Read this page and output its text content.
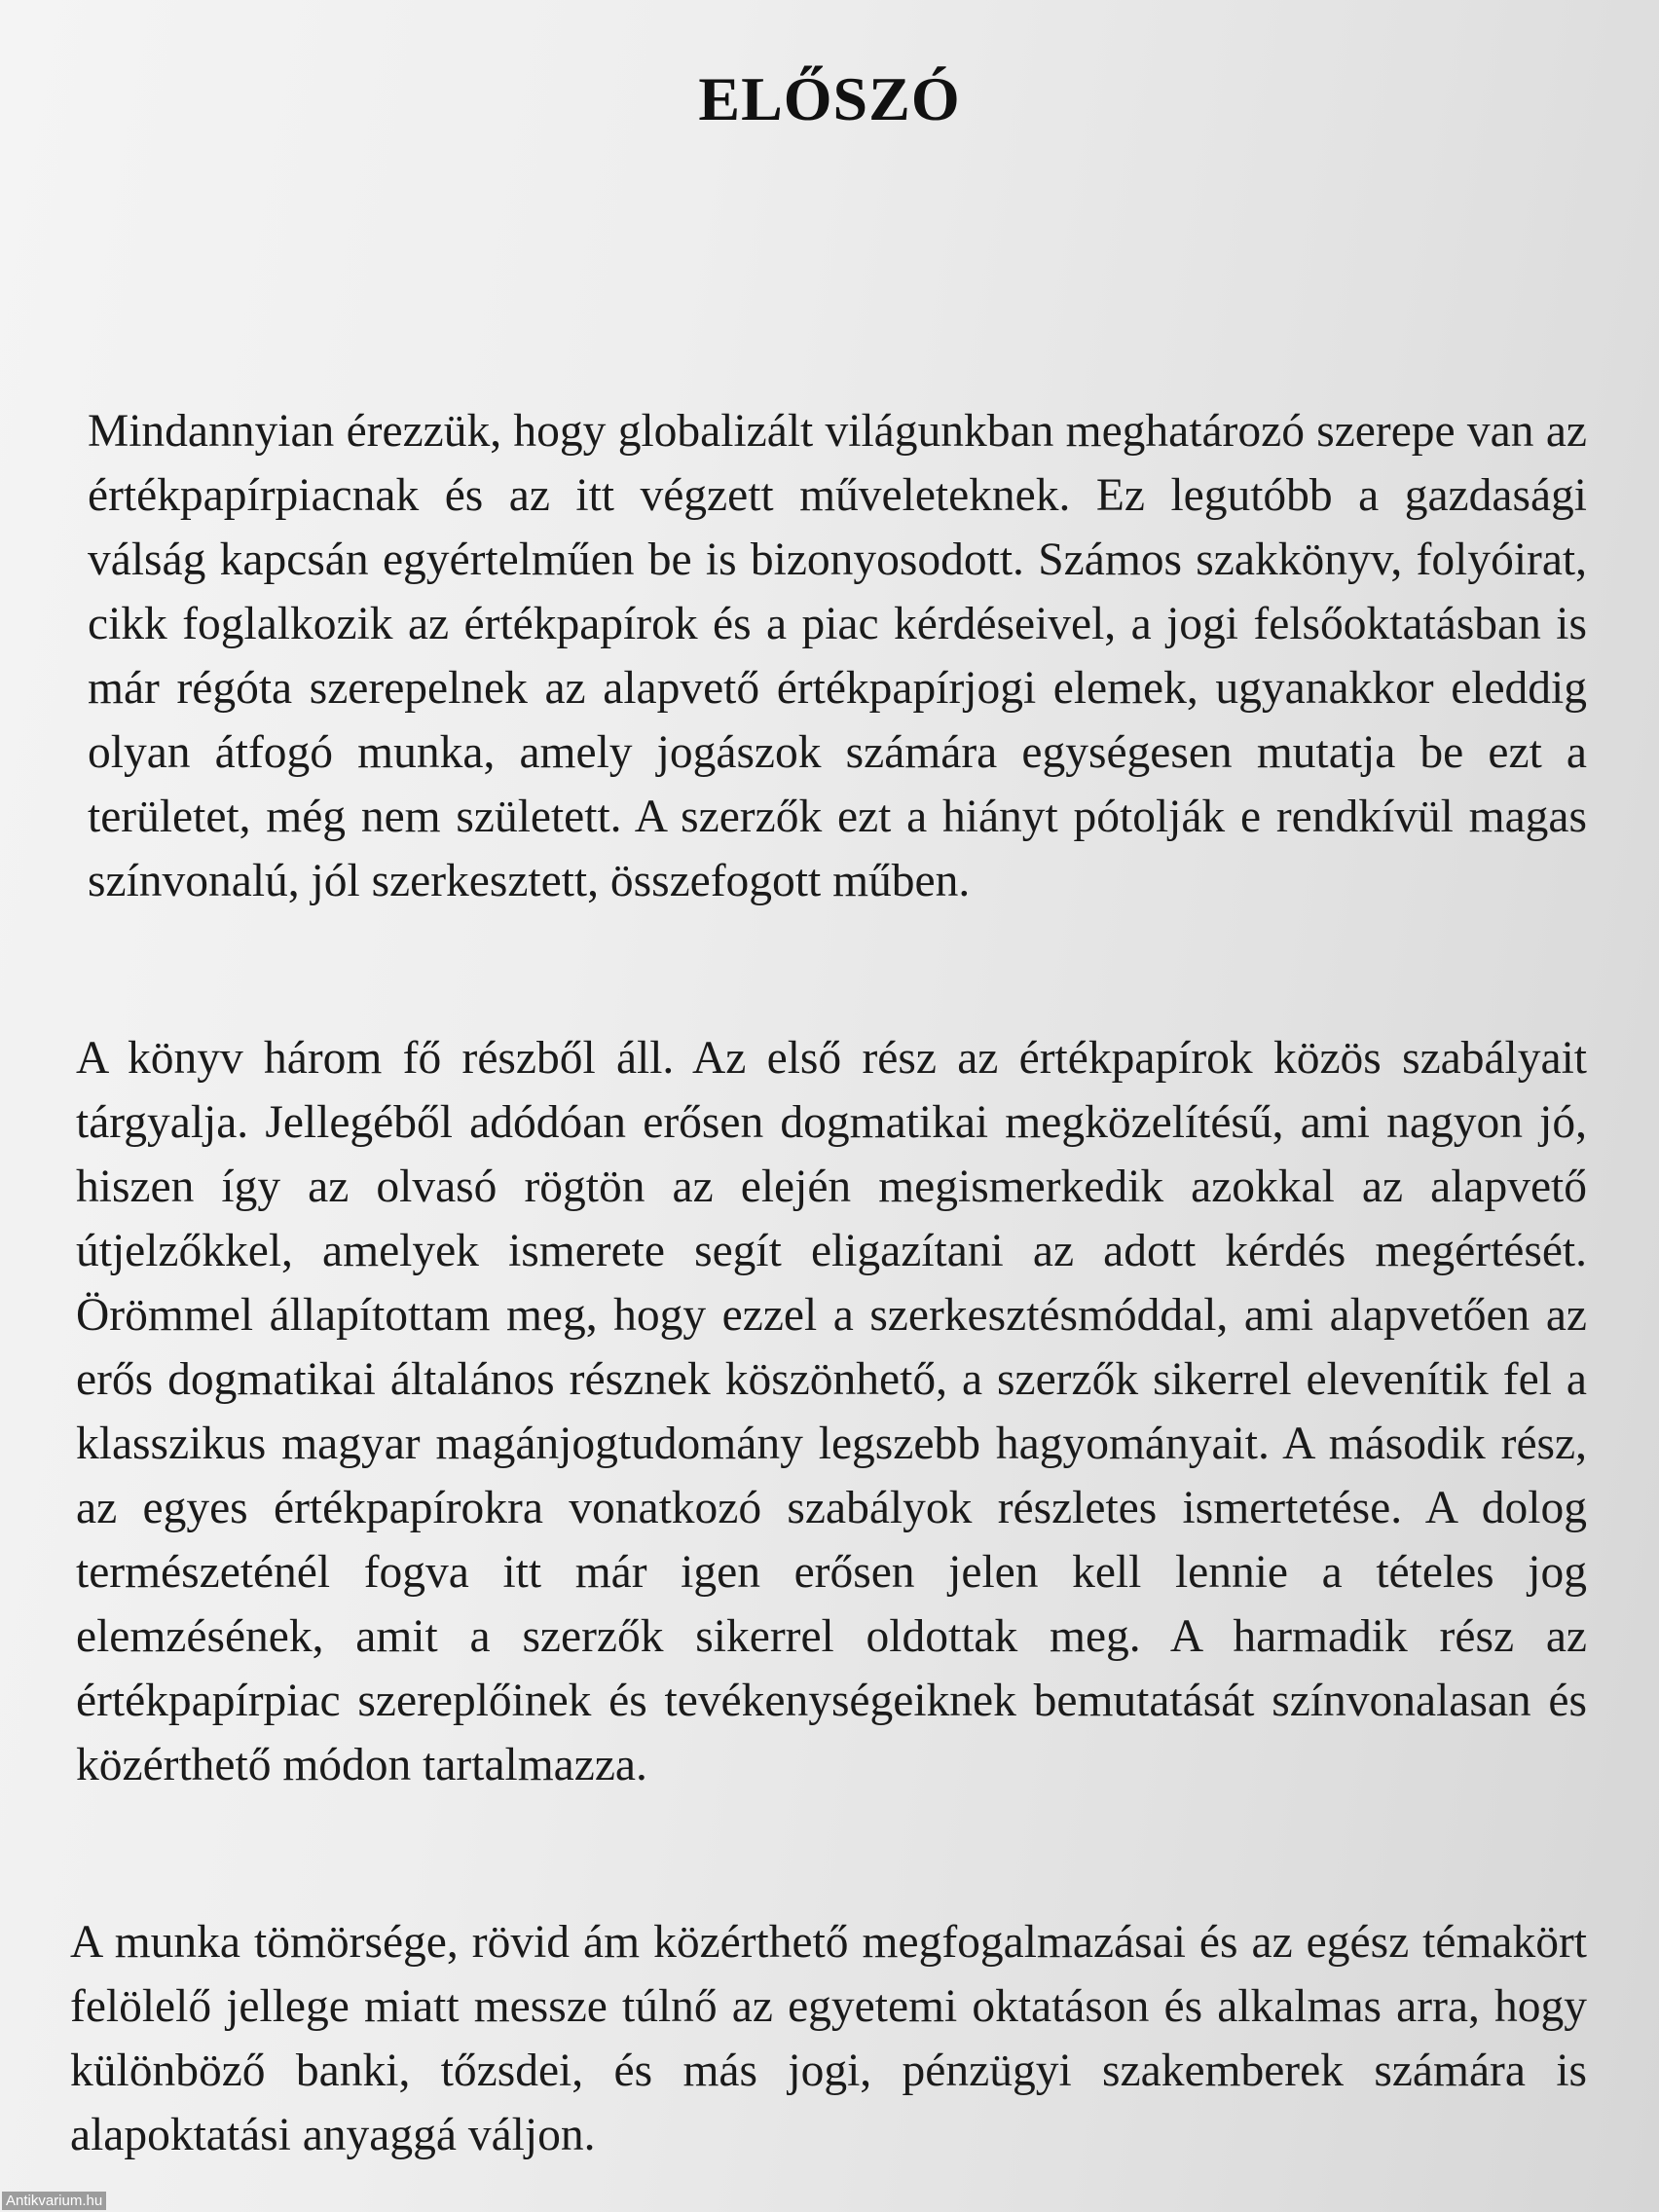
ELŐSZÓ

Mindannyian érezzük, hogy globalizált világunkban meghatározó szerepe van az értékpapírpiacnak és az itt végzett műveleteknek. Ez legutóbb a gazdasági válság kapcsán egyértelműen be is bizonyosodott. Számos szakkönyv, folyóirat, cikk foglalkozik az értékpapírok és a piac kérdéseivel, a jogi felsőoktatásban is már régóta szerepelnek az alapvető értékpapírjogi elemek, ugyanakkor eleddig olyan átfogó munka, amely jogászok számára egységesen mutatja be ezt a területet, még nem született. A szerzők ezt a hiányt pótolják e rendkívül magas színvonalú, jól szerkesztett, összefogott műben.

A könyv három fő részből áll. Az első rész az értékpapírok közös szabályait tárgyalja. Jellegéből adódóan erősen dogmatikai megközelítésű, ami nagyon jó, hiszen így az olvasó rögtön az elején megismerkedik azokkal az alapvető útjelzőkkel, amelyek ismerete segít eligazítani az adott kérdés megértését. Örömmel állapítottam meg, hogy ezzel a szerkesztésmóddal, ami alapvetően az erős dogmatikai általános résznek köszönhető, a szerzők sikerrel elevenítik fel a klasszikus magyar magánjogtudomány legszebb hagyományait. A második rész, az egyes értékpapírokra vonatkozó szabályok részletes ismertetése. A dolog természeténél fogva itt már igen erősen jelen kell lennie a tételes jog elemzésének, amit a szerzők sikerrel oldottak meg. A harmadik rész az értékpapírpiac szereplőinek és tevékenységeiknek bemutatását színvonalasan és közérthető módon tartalmazza.

A munka tömörsége, rövid ám közérthető megfogalmazásai és az egész témakört felölelő jellege miatt messze túlnő az egyetemi oktatáson és alkalmas arra, hogy különböző banki, tőzsdei, és más jogi, pénzügyi szakemberek számára is alapoktatási anyaggá váljon.

Antikvarium.hu
